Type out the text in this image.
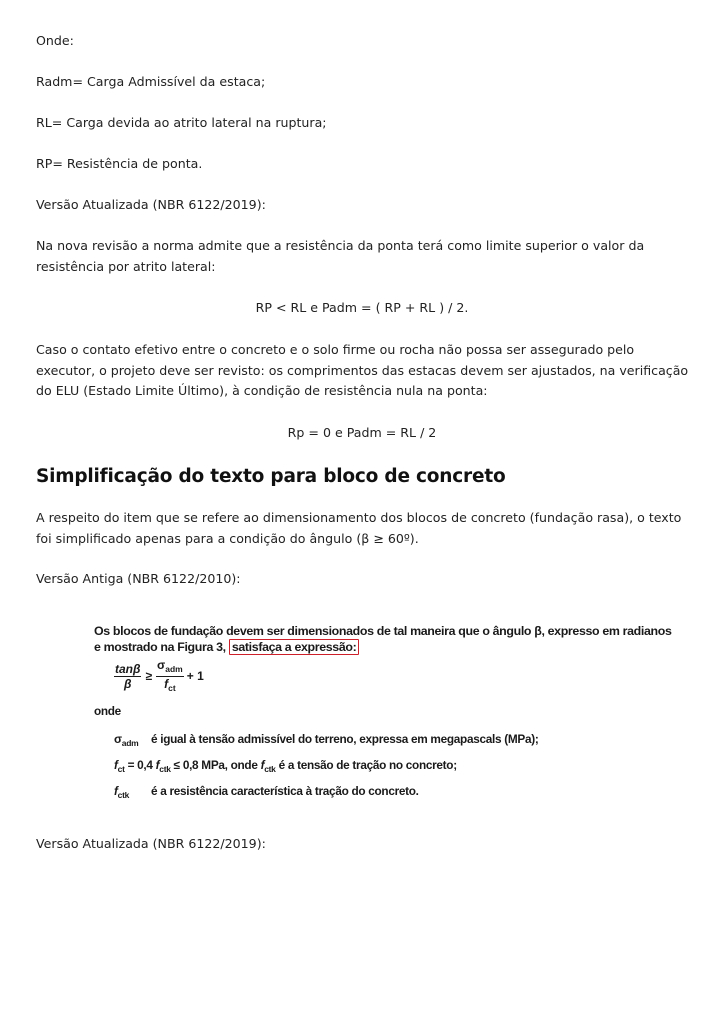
Onde:

Radm= Carga Admissível da estaca;

RL= Carga devida ao atrito lateral na ruptura;

RP= Resistência de ponta.

Versão Atualizada (NBR 6122/2019):

Na nova revisão a norma admite que a resistência da ponta terá como limite superior o valor da resistência por atrito lateral:

RP < RL e Padm = ( RP + RL ) / 2.

Caso o contato efetivo entre o concreto e o solo firme ou rocha não possa ser assegurado pelo executor, o projeto deve ser revisto: os comprimentos das estacas devem ser ajustados, na verificação do ELU (Estado Limite Último), à condição de resistência nula na ponta:

Rp = 0 e Padm = RL / 2

Simplificação do texto para bloco de concreto

A respeito do item que se refere ao dimensionamento dos blocos de concreto (fundação rasa), o texto foi simplificado apenas para a condição do ângulo (β ≥ 60º).

Versão Antiga (NBR 6122/2010):

Os blocos de fundação devem ser dimensionados de tal maneira que o ângulo β, expresso em radianos
e mostrado na Figura 3, satisfaça a expressão:
$\frac{\tan\beta}{\beta} \ge \frac{\sigma_{adm}}{f_{ct}} + 1$
onde
$\sigma_{adm}$ é igual à tensão admissível do terreno, expressa em megapascals (MPa);
$f_{ct} = 0,4$ $f_{ctk} \le 0,8$ MPa, onde $f_{ctk}$ é a tensão de tração no concreto;
$f_{ctk}$ é a resistência característica à tração do concreto.

Versão Atualizada (NBR 6122/2019):
